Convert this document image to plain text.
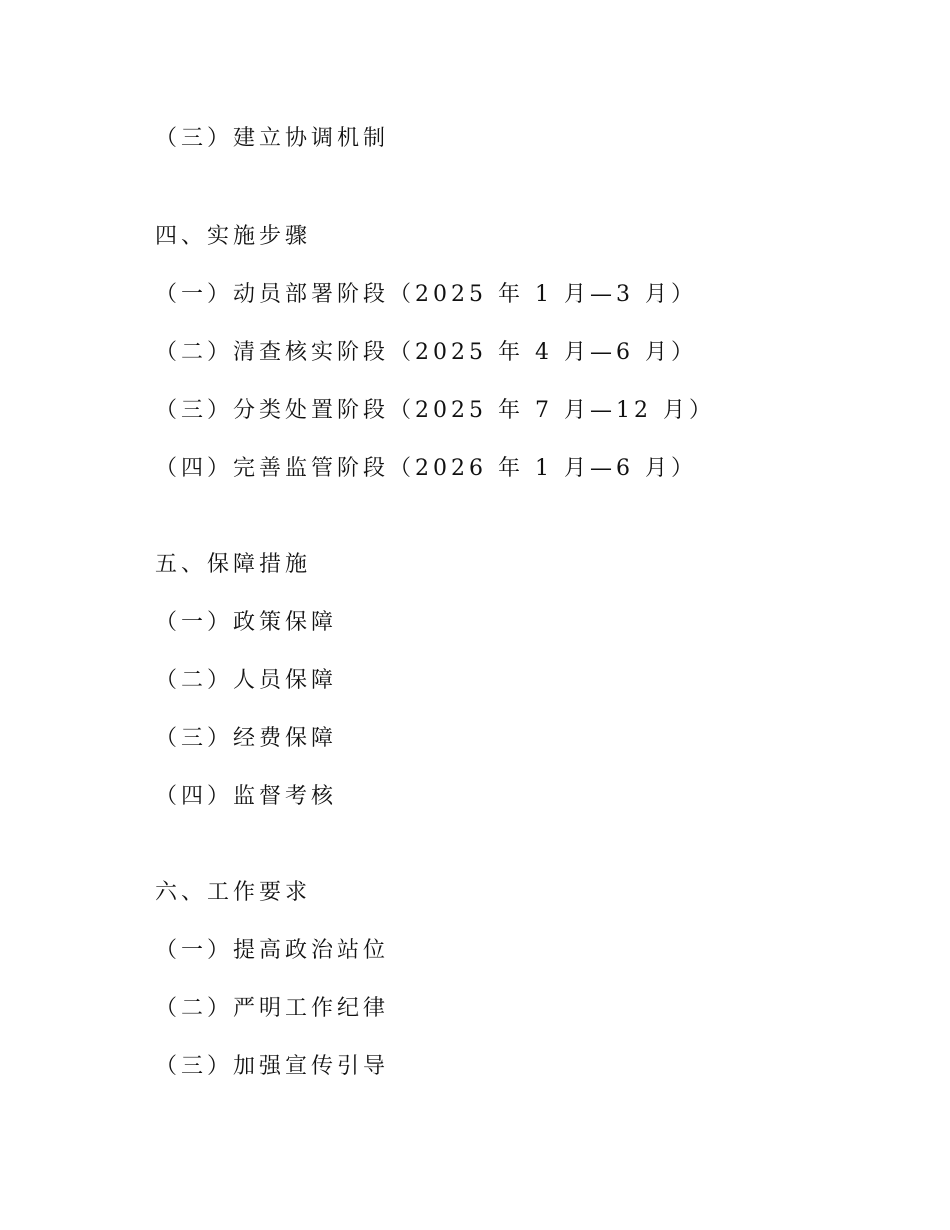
（三）建立协调机制
四、实施步骤
（一）动员部署阶段（2025 年 1 月—3 月）
（二）清查核实阶段（2025 年 4 月—6 月）
（三）分类处置阶段（2025 年 7 月—12 月）
（四）完善监管阶段（2026 年 1 月—6 月）
五、保障措施
（一）政策保障
（二）人员保障
（三）经费保障
（四）监督考核
六、工作要求
（一）提高政治站位
（二）严明工作纪律
（三）加强宣传引导
